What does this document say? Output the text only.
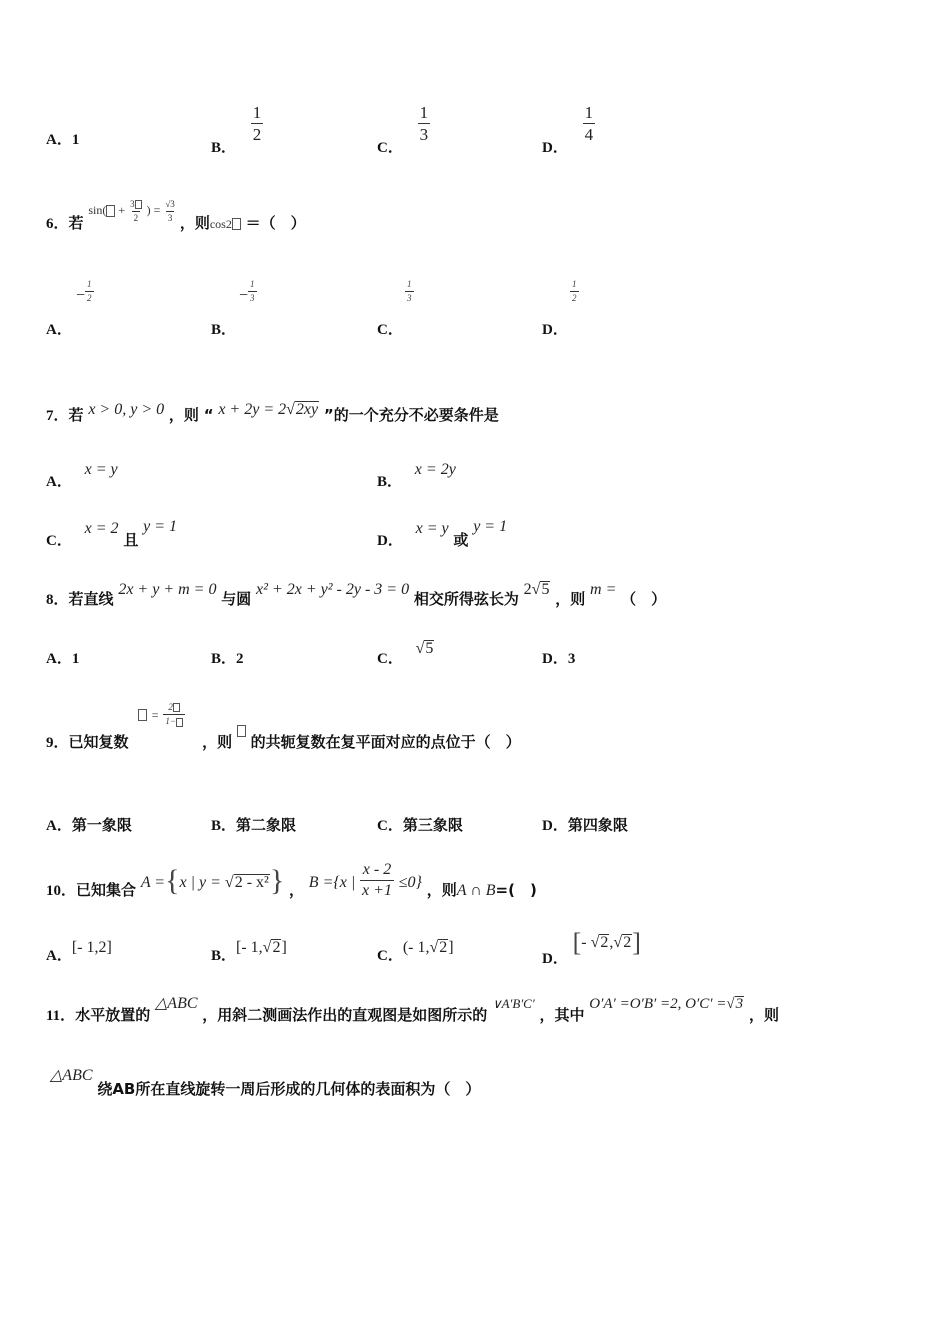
A．1	B．
$\frac{1}{2}$
C．
$\frac{1}{3}$
D．
$\frac{1}{4}$
6．若 $\sin( + \frac{3}{2}$ ) = $\frac{√3}{3}$
，则$_{cos2}$ ＝（　）
− $\frac{1}{2}$
A．
− $\frac{1}{3}$
B．
$\frac{1}{3}$
C．
$\frac{1}{2}$
D．
7．若 x > 0, y > 0 ，则 “ x + 2y = 2√2xy ”的一个充分不必要条件是
A． x = y
B． x = 2y
C． x = 2 且 y = 1
D． x = y 或 y = 1
8．若直线 2x + y + m = 0 与圆 x² + 2x + y² - 2y - 3 = 0 相交所得弦长为 2√5 ，则 m = （　）
A．1	B．2	C． √5
D．3
= $\frac{2}{1-}$
9．已知复数	，则 的共轭复数在复平面对应的点位于（　）
A．第一象限	B．第二象限	C．第三象限	D．第四象限
10．已知集合 A ={x | y = √2 - x²} ， B ={x | $\frac{x - 2}{x +1} \le 0$} ，则A ∩ B=(　)
A．[- 1,2]	B．[- 1,√2]	C．(- 1,√2]
D． [- √2,√2]
11．水平放置的 △ABC ，用斜二测画法作出的直观图是如图所示的 ∨A′B′C′ ，其中 O′A′ =O′B′ =2, O′C′ =√3 ，则
△ABC 绕AB所在直线旋转一周后形成的几何体的表面积为（　）
